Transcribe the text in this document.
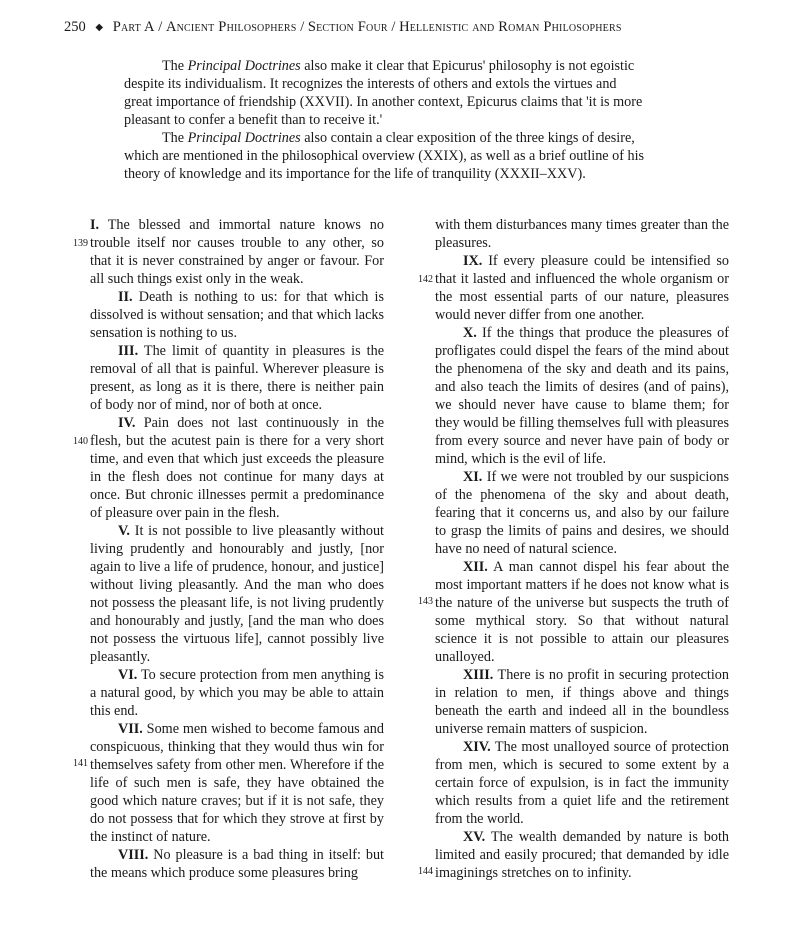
250 ◆ Part A / Ancient Philosophers / Section Four / Hellenistic and Roman Philosophers

The Principal Doctrines also make it clear that Epicurus' philosophy is not egoistic despite its individualism. It recognizes the interests of others and extols the virtues and great importance of friendship (XXVII). In another context, Epicurus claims that 'it is more pleasant to confer a benefit than to receive it.'

The Principal Doctrines also contain a clear exposition of the three kings of desire, which are mentioned in the philosophical overview (XXIX), as well as a brief outline of his theory of knowledge and its importance for the life of tranquility (XXXII–XXV).

I. The blessed and immortal nature knows no trouble itself nor causes trouble to any other, so that it is never constrained by anger or favour. For all such things exist only in the weak.

II. Death is nothing to us: for that which is dissolved is without sensation; and that which lacks sensation is nothing to us.

III. The limit of quantity in pleasures is the removal of all that is painful. Wherever pleasure is present, as long as it is there, there is neither pain of body nor of mind, nor of both at once.

IV. Pain does not last continuously in the flesh, but the acutest pain is there for a very short time, and even that which just exceeds the pleasure in the flesh does not continue for many days at once. But chronic illnesses permit a predominance of pleasure over pain in the flesh.

V. It is not possible to live pleasantly without living prudently and honourably and justly, [nor again to live a life of prudence, honour, and justice] without living pleasantly. And the man who does not possess the pleasant life, is not living prudently and honourably and justly, [and the man who does not possess the virtuous life], cannot possibly live pleasantly.

VI. To secure protection from men anything is a natural good, by which you may be able to attain this end.

VII. Some men wished to become famous and conspicuous, thinking that they would thus win for themselves safety from other men. Wherefore if the life of such men is safe, they have obtained the good which nature craves; but if it is not safe, they do not possess that for which they strove at first by the instinct of nature.

VIII. No pleasure is a bad thing in itself: but the means which produce some pleasures bring

with them disturbances many times greater than the pleasures.

IX. If every pleasure could be intensified so that it lasted and influenced the whole organism or the most essential parts of our nature, pleasures would never differ from one another.

X. If the things that produce the pleasures of profligates could dispel the fears of the mind about the phenomena of the sky and death and its pains, and also teach the limits of desires (and of pains), we should never have cause to blame them; for they would be filling themselves full with pleasures from every source and never have pain of body or mind, which is the evil of life.

XI. If we were not troubled by our suspicions of the phenomena of the sky and about death, fearing that it concerns us, and also by our failure to grasp the limits of pains and desires, we should have no need of natural science.

XII. A man cannot dispel his fear about the most important matters if he does not know what is the nature of the universe but suspects the truth of some mythical story. So that without natural science it is not possible to attain our pleasures unalloyed.

XIII. There is no profit in securing protection in relation to men, if things above and things beneath the earth and indeed all in the boundless universe remain matters of suspicion.

XIV. The most unalloyed source of protection from men, which is secured to some extent by a certain force of expulsion, is in fact the immunity which results from a quiet life and the retirement from the world.

XV. The wealth demanded by nature is both limited and easily procured; that demanded by idle imaginings stretches on to infinity.

139
140
141
142
143
144
